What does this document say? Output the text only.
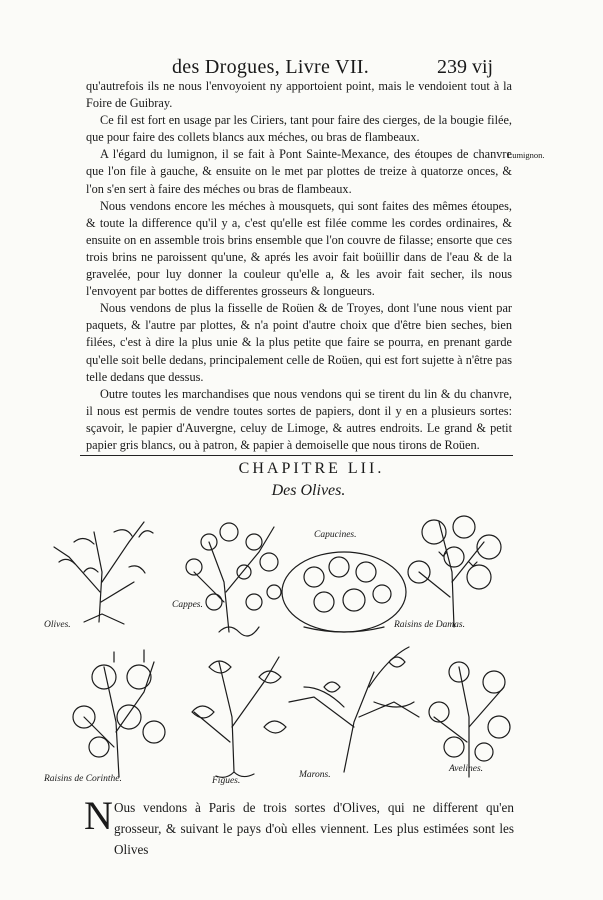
des Drogues, Livre VII.	239 vij

qu'autrefois ils ne nous l'envoyoient ny apportoient point, mais le vendoient tout à la Foire de Guibray.

Ce fil est fort en usage par les Ciriers, tant pour faire des cierges, de la bougie filée, que pour faire des collets blancs aux méches, ou bras de flambeaux.

A l'égard du lumignon, il se fait à Pont Sainte-Mexance, des étoupes de chanvre que l'on file à gauche, & ensuite on le met par plottes de treize à quatorze onces, & l'on s'en sert à faire des méches ou bras de flambeaux.

Nous vendons encore les méches à mousquets, qui sont faites des mêmes étoupes, & toute la difference qu'il y a, c'est qu'elle est filée comme les cordes ordinaires, & ensuite on en assemble trois brins ensemble que l'on couvre de filasse; ensorte que ces trois brins ne paroissent qu'une, & aprés les avoir fait boüillir dans de l'eau & de la gravelée, pour luy donner la couleur qu'elle a, & les avoir fait secher, ils nous l'envoyent par bottes de differentes grosseurs & longueurs.

Nous vendons de plus la fisselle de Roüen & de Troyes, dont l'une nous vient par paquets, & l'autre par plottes, & n'a point d'autre choix que d'être bien seches, bien filées, c'est à dire la plus unie & la plus petite que faire se pourra, en prenant garde qu'elle soit belle dedans, principalement celle de Roüen, qui est fort sujette à n'être pas telle dedans que dessus.

Outre toutes les marchandises que nous vendons qui se tirent du lin & du chanvre, il nous est permis de vendre toutes sortes de papiers, dont il y en a plusieurs sortes: sçavoir, le papier d'Auvergne, celuy de Limoge, & autres endroits. Le grand & petit papier gris blancs, ou à patron, & papier à demoiselle que nous tirons de Roüen.

Lumignon.
CHAPITRE LII.
Des Olives.
Olives.
Cappes.
Capucines.
Raisins de Damas.
Raisins de Corinthe.	Figues.
Marons.
Avelines.
N Ous vendons à Paris de trois sortes d'Olives, qui ne different qu'en grosseur, & suivant le pays d'où elles viennent. Les plus estimées sont les Olives
